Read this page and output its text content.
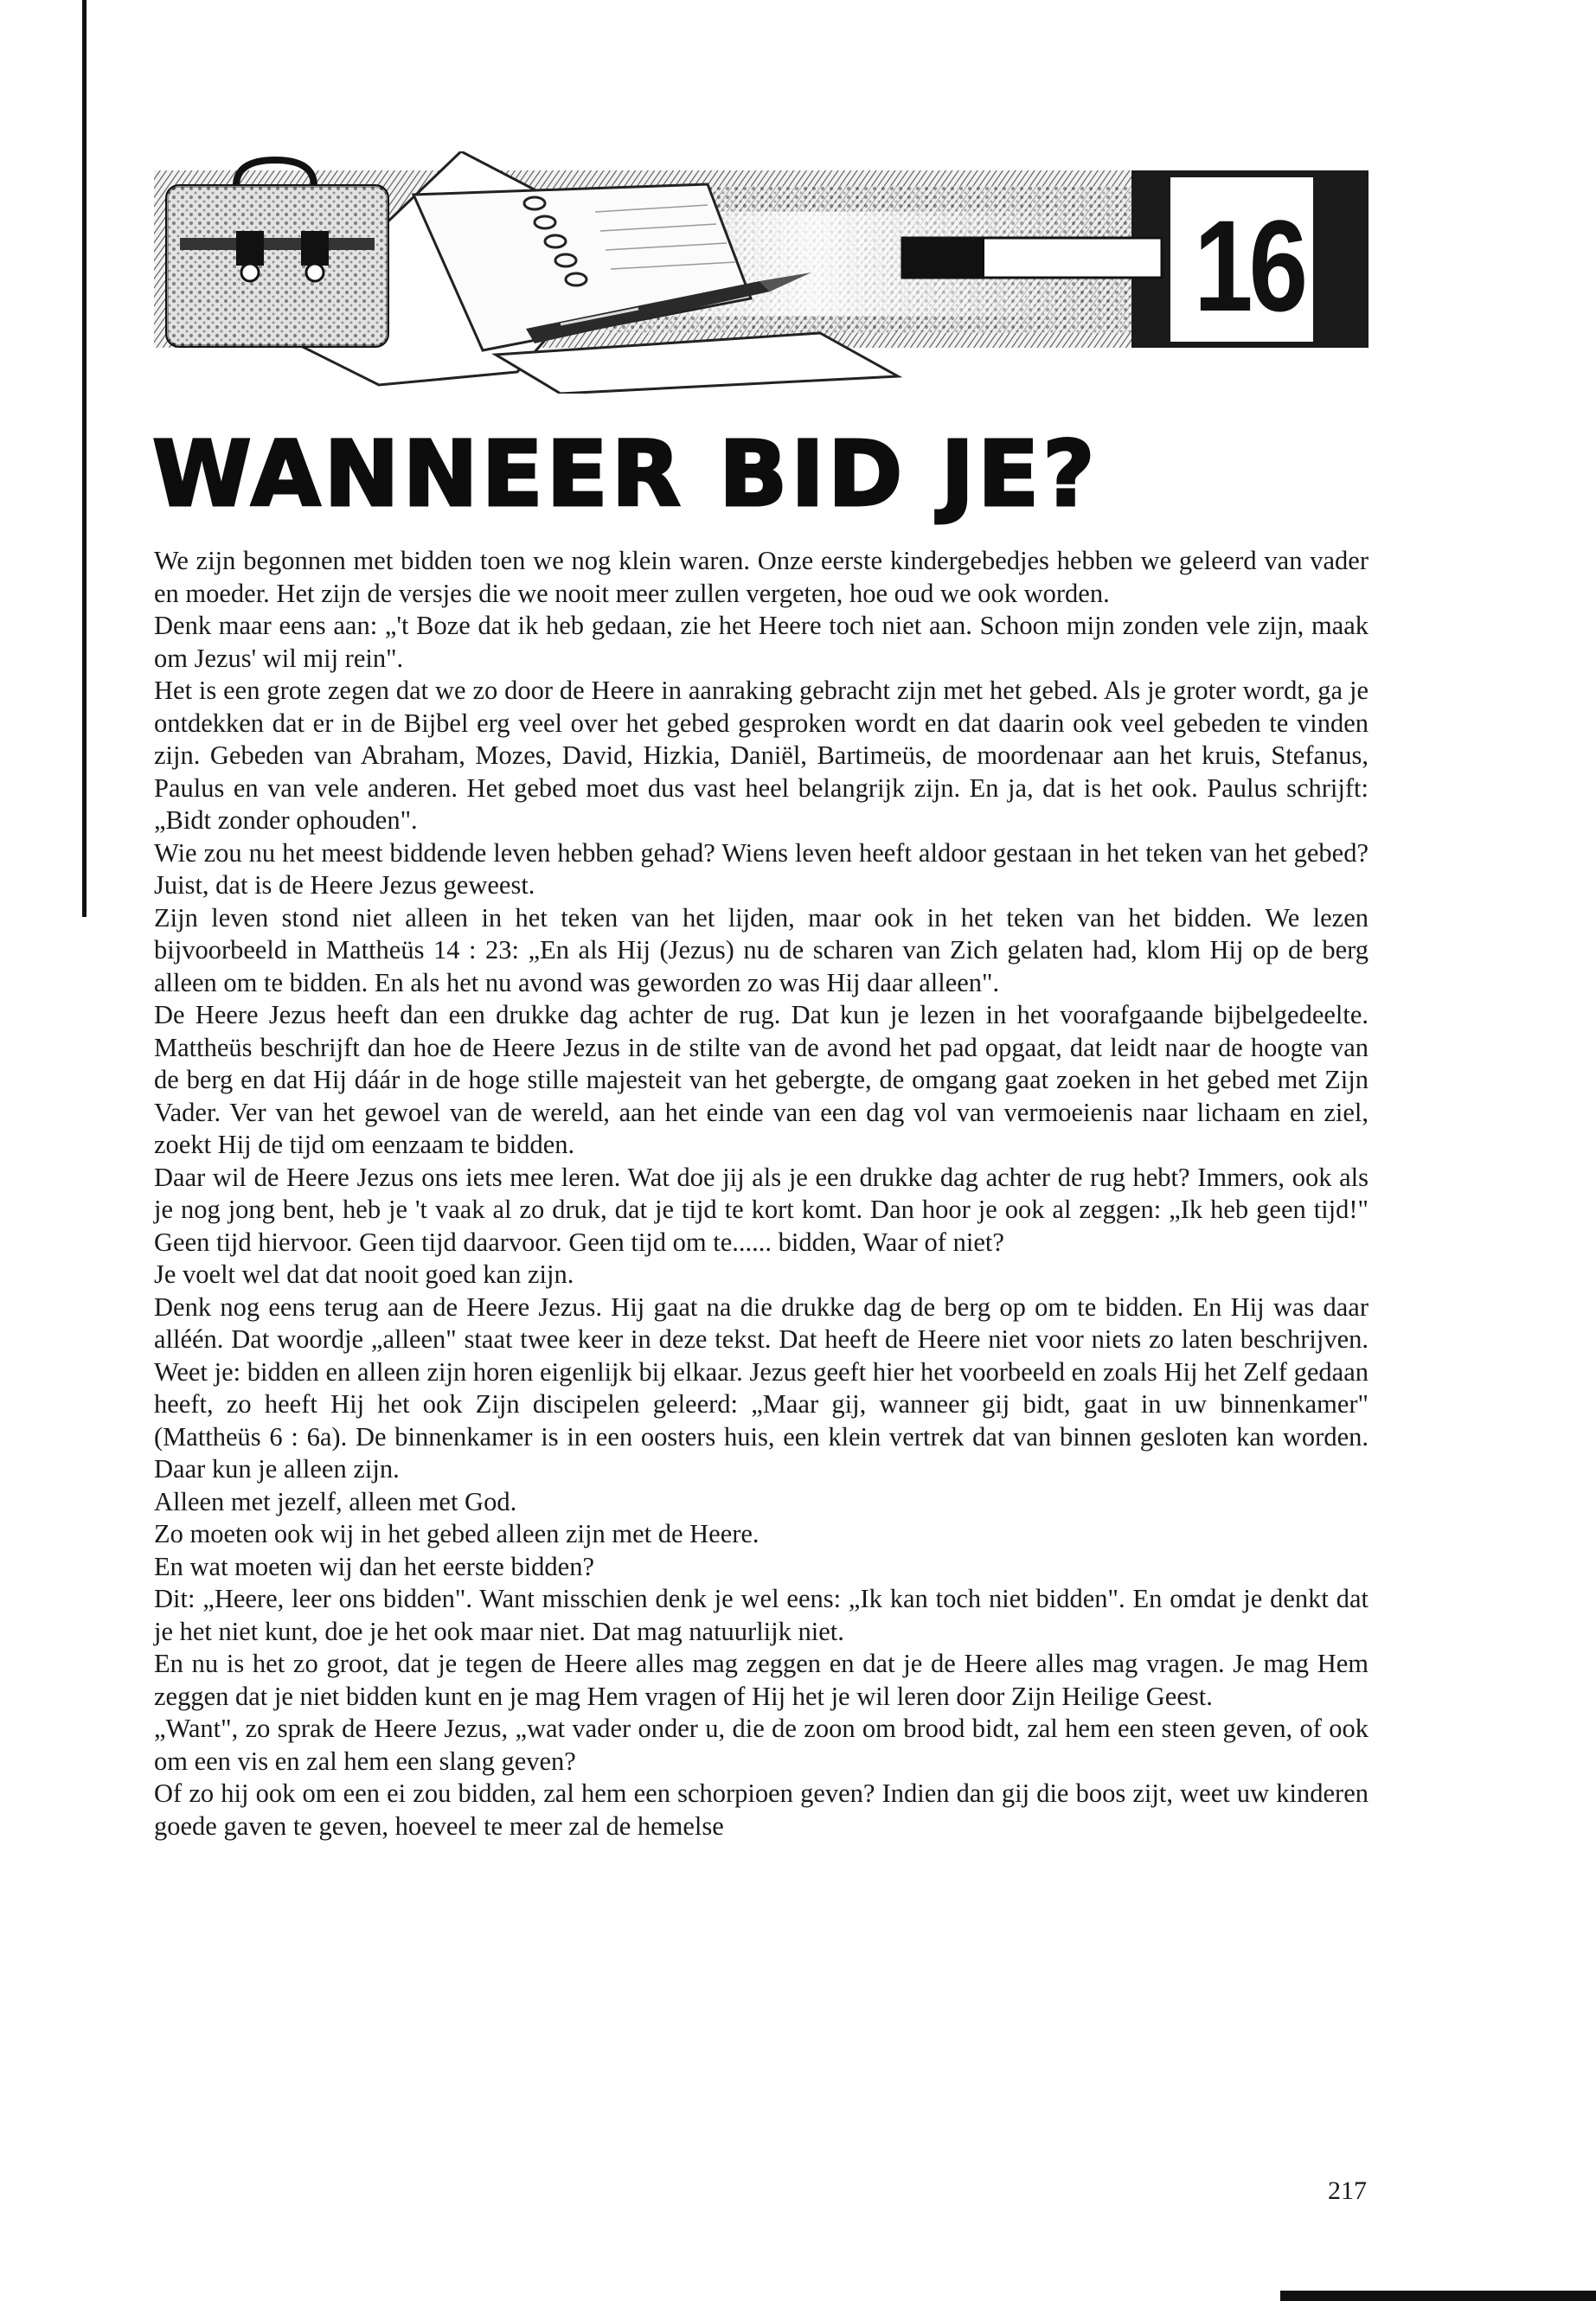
16
WANNEER BID JE?

We zijn begonnen met bidden toen we nog klein waren. Onze eerste kindergebedjes hebben we geleerd van vader en moeder. Het zijn de versjes die we nooit meer zullen vergeten, hoe oud we ook worden.

Denk maar eens aan: „'t Boze dat ik heb gedaan, zie het Heere toch niet aan. Schoon mijn zonden vele zijn, maak om Jezus' wil mij rein".

Het is een grote zegen dat we zo door de Heere in aanraking gebracht zijn met het gebed. Als je groter wordt, ga je ontdekken dat er in de Bijbel erg veel over het gebed gesproken wordt en dat daarin ook veel gebeden te vinden zijn. Gebeden van Abraham, Mozes, David, Hizkia, Daniël, Bartimeüs, de moordenaar aan het kruis, Stefanus, Paulus en van vele anderen. Het gebed moet dus vast heel belangrijk zijn. En ja, dat is het ook. Paulus schrijft: „Bidt zonder ophouden".

Wie zou nu het meest biddende leven hebben gehad? Wiens leven heeft aldoor gestaan in het teken van het gebed? Juist, dat is de Heere Jezus geweest.

Zijn leven stond niet alleen in het teken van het lijden, maar ook in het teken van het bidden. We lezen bijvoorbeeld in Mattheüs 14 : 23: „En als Hij (Jezus) nu de scharen van Zich gelaten had, klom Hij op de berg alleen om te bidden. En als het nu avond was geworden zo was Hij daar alleen".

De Heere Jezus heeft dan een drukke dag achter de rug. Dat kun je lezen in het voorafgaande bijbelgedeelte. Mattheüs beschrijft dan hoe de Heere Jezus in de stilte van de avond het pad opgaat, dat leidt naar de hoogte van de berg en dat Hij dáár in de hoge stille majesteit van het gebergte, de omgang gaat zoeken in het gebed met Zijn Vader. Ver van het gewoel van de wereld, aan het einde van een dag vol van vermoeienis naar lichaam en ziel, zoekt Hij de tijd om eenzaam te bidden.

Daar wil de Heere Jezus ons iets mee leren. Wat doe jij als je een drukke dag achter de rug hebt? Immers, ook als je nog jong bent, heb je 't vaak al zo druk, dat je tijd te kort komt. Dan hoor je ook al zeggen: „Ik heb geen tijd!" Geen tijd hiervoor. Geen tijd daarvoor. Geen tijd om te...... bidden, Waar of niet?

Je voelt wel dat dat nooit goed kan zijn.

Denk nog eens terug aan de Heere Jezus. Hij gaat na die drukke dag de berg op om te bidden. En Hij was daar alléén. Dat woordje „alleen" staat twee keer in deze tekst. Dat heeft de Heere niet voor niets zo laten beschrijven. Weet je: bidden en alleen zijn horen eigenlijk bij elkaar. Jezus geeft hier het voorbeeld en zoals Hij het Zelf gedaan heeft, zo heeft Hij het ook Zijn discipelen geleerd: „Maar gij, wanneer gij bidt, gaat in uw binnenkamer" (Mattheüs 6 : 6a). De binnenkamer is in een oosters huis, een klein vertrek dat van binnen gesloten kan worden. Daar kun je alleen zijn.

Alleen met jezelf, alleen met God.

Zo moeten ook wij in het gebed alleen zijn met de Heere.

En wat moeten wij dan het eerste bidden?

Dit: „Heere, leer ons bidden". Want misschien denk je wel eens: „Ik kan toch niet bidden". En omdat je denkt dat je het niet kunt, doe je het ook maar niet. Dat mag natuurlijk niet.

En nu is het zo groot, dat je tegen de Heere alles mag zeggen en dat je de Heere alles mag vragen. Je mag Hem zeggen dat je niet bidden kunt en je mag Hem vragen of Hij het je wil leren door Zijn Heilige Geest.

„Want", zo sprak de Heere Jezus, „wat vader onder u, die de zoon om brood bidt, zal hem een steen geven, of ook om een vis en zal hem een slang geven?

Of zo hij ook om een ei zou bidden, zal hem een schorpioen geven? Indien dan gij die boos zijt, weet uw kinderen goede gaven te geven, hoeveel te meer zal de hemelse

217
